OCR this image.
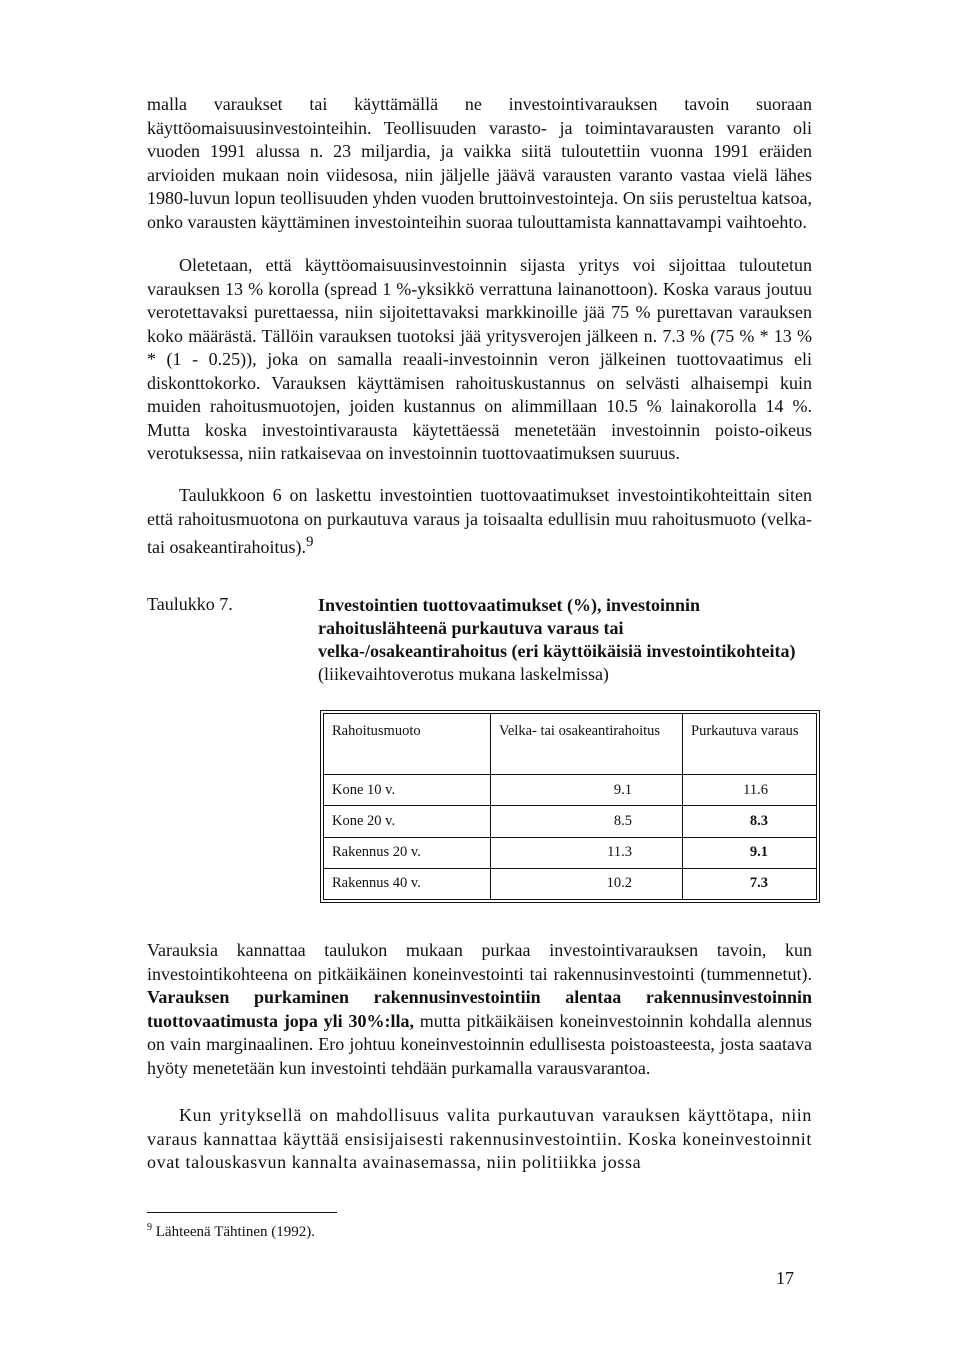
malla varaukset tai käyttämällä ne investointivarauksen tavoin suoraan käyttöomaisuusinvestointeihin. Teollisuuden varasto- ja toimintavarausten varanto oli vuoden 1991 alussa n. 23 miljardia, ja vaikka siitä tuloutettiin vuonna 1991 eräiden arvioiden mukaan noin viidesosa, niin jäljelle jäävä varausten varanto vastaa vielä lähes 1980-luvun lopun teollisuuden yhden vuoden bruttoinvestointeja. On siis perusteltua katsoa, onko varausten käyttäminen investointeihin suoraa tulouttamista kannattavampi vaihtoehto.

Oletetaan, että käyttöomaisuusinvestoinnin sijasta yritys voi sijoittaa tuloutetun varauksen 13 % korolla (spread 1 %-yksikkö verrattuna lainanottoon). Koska varaus joutuu verotettavaksi purettaessa, niin sijoitettavaksi markkinoille jää 75 % purettavan varauksen koko määrästä. Tällöin varauksen tuotoksi jää yritysverojen jälkeen n. 7.3 % (75 % * 13 % * (1 - 0.25)), joka on samalla reaali-investoinnin veron jälkeinen tuottovaatimus eli diskonttokorko. Varauksen käyttämisen rahoituskustannus on selvästi alhaisempi kuin muiden rahoitusmuotojen, joiden kustannus on alimmillaan 10.5 % lainakorolla 14 %. Mutta koska investointivarausta käytettäessä menetetään investoinnin poisto-oikeus verotuksessa, niin ratkaisevaa on investoinnin tuottovaatimuksen suuruus.

Taulukkoon 6 on laskettu investointien tuottovaatimukset investointikohteittain siten että rahoitusmuotona on purkautuva varaus ja toisaalta edullisin muu rahoitusmuoto (velka- tai osakeantirahoitus).$^9$

Taulukko 7.	Investointien tuottovaatimukset (%), investoinnin rahoituslähteenä purkautuva varaus tai velka-/osakeantirahoitus (eri käyttöikäisiä investointikohteita) (liikevaihtoverotus mukana laskelmissa)
Rahoitusmuoto	Velka- tai osakeantirahoitus	Purkautuva varaus
Kone 10 v.	9.1	11.6
Kone 20 v.	8.5	8.3
Rakennus 20 v.	11.3	9.1
Rakennus 40 v.	10.2	7.3

Varauksia kannattaa taulukon mukaan purkaa investointivarauksen tavoin, kun investointikohteena on pitkäikäinen koneinvestointi tai rakennusinvestointi (tummennetut). Varauksen purkaminen rakennusinvestointiin alentaa rakennusinvestoinnin tuottovaatimusta jopa yli 30%:lla, mutta pitkäikäisen koneinvestoinnin kohdalla alennus on vain marginaalinen. Ero johtuu koneinvestoinnin edullisesta poistoasteesta, josta saatava hyöty menetetään kun investointi tehdään purkamalla varausvarantoa.

Kun yrityksellä on mahdollisuus valita purkautuvan varauksen käyttötapa, niin varaus kannattaa käyttää ensisijaisesti rakennusinvestointiin. Koska koneinvestoinnit ovat talouskasvun kannalta avainasemassa, niin politiikka jossa

$^9$ Lähteenä Tähtinen (1992).
17
